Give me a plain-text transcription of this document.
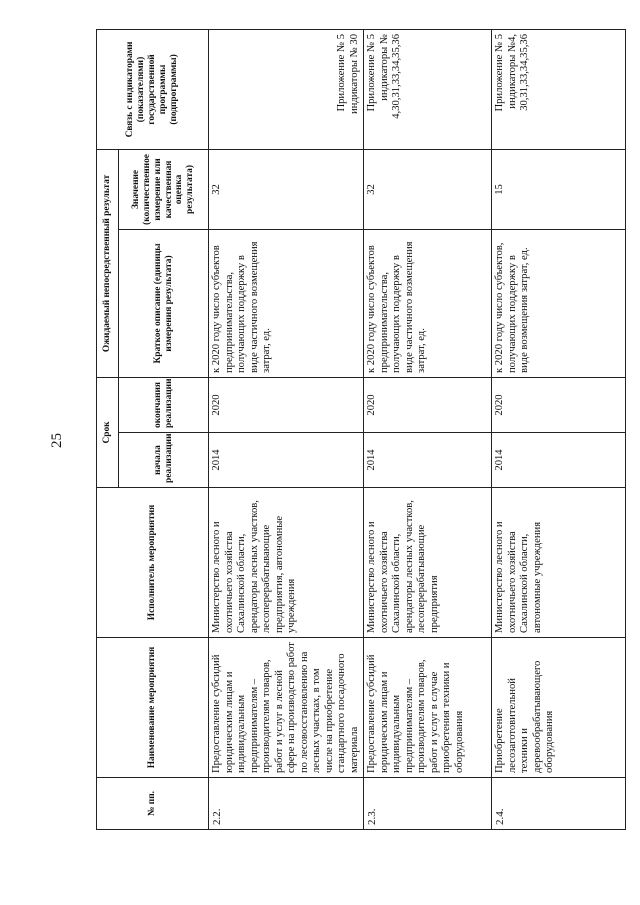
25
№ пп.	Наименование мероприятия	Исполнитель мероприятия	Срок		Ожидаемый непосредственный результат		Связь с индикаторами (показателями) государственной программы (подпрограммы)
			начала реализации	окончания реализации	Краткое описание (единицы измерения результата)	Значение (количественное измерение или качественная оценка результата)	

2.2.	Предоставление субсидий юридическим лицам и индивидуальным предпринимателям – производителям товаров, работ и услуг в лесной сфере на производство работ по лесовосстановлению на лесных участках, в том числе на приобретение стандартного посадочного материала	Министерство лесного и охотничьего хозяйства Сахалинской области, арендаторы лесных участков, лесоперерабатывающие предприятия, автономные учреждения	2014	2020	к 2020 году число субъектов предпринимательства, получающих поддержку в виде частичного возмещения затрат, ед.	32	Приложение № 5 индикаторы № 30
2.3.	Предоставление субсидий юридическим лицам и индивидуальным предпринимателям – производителям товаров, работ и услуг в случае приобретения техники и оборудования	Министерство лесного и охотничьего хозяйства Сахалинской области, арендаторы лесных участков, лесоперерабатывающие предприятия	2014	2020	к 2020 году число субъектов предпринимательства, получающих поддержку в виде частичного возмещения затрат, ед.	32	Приложение № 5 индикаторы № 4,30,31,33,34,35,36
2.4.	Приобретение лесозаготовительной техники и деревообрабатывающего оборудования	Министерство лесного и охотничьего хозяйства Сахалинской области, автономные учреждения	2014	2020	к 2020 году число субъектов, получающих поддержку в виде возмещения затрат, ед.	15	Приложение № 5 индикаторы №4, 30,31,33,34,35,36
